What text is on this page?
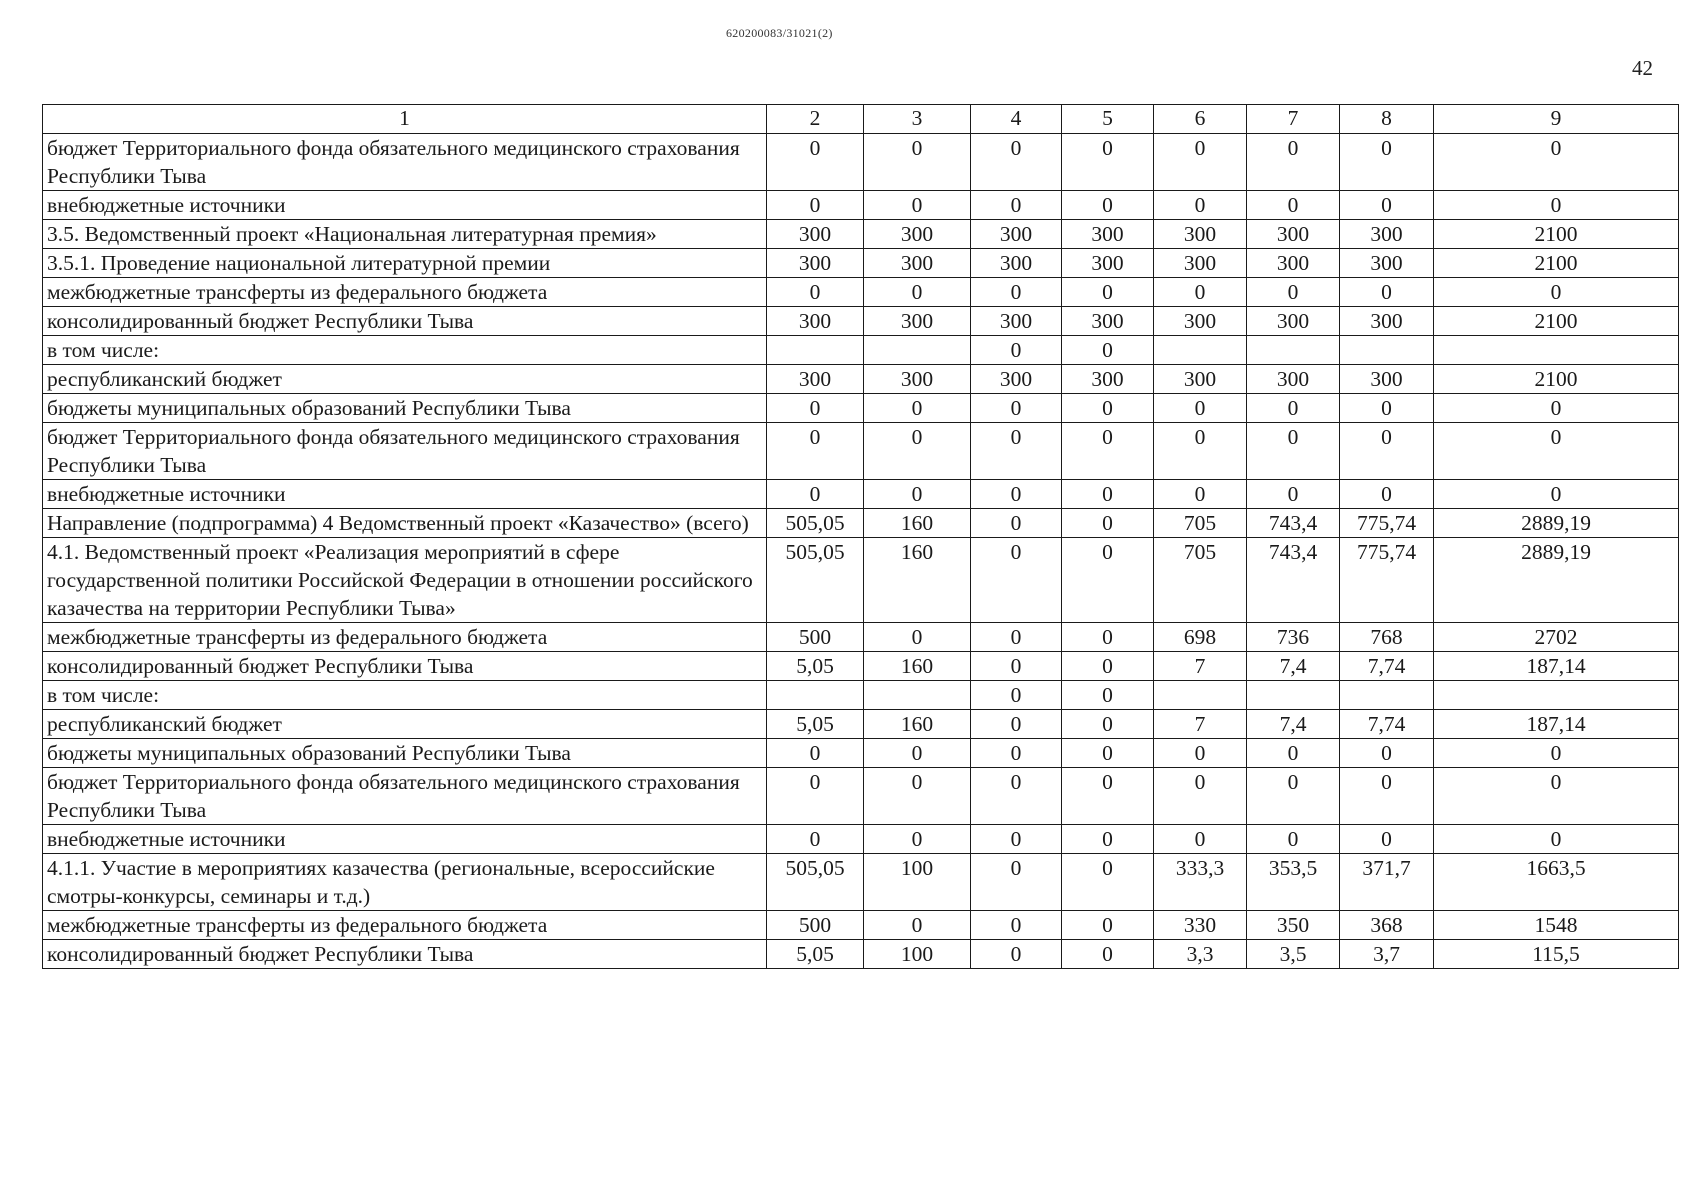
620200083/31021(2)
42
1	2	3	4	5	6	7	8	9
бюджет Территориального фонда обязательного медицинского страхования Республики Тыва	0	0	0	0	0	0	0	0
внебюджетные источники	0	0	0	0	0	0	0	0
3.5. Ведомственный проект «Национальная литературная премия»	300	300	300	300	300	300	300	2100
3.5.1. Проведение национальной литературной премии	300	300	300	300	300	300	300	2100
межбюджетные трансферты из федерального бюджета	0	0	0	0	0	0	0	0
консолидированный бюджет Республики Тыва	300	300	300	300	300	300	300	2100
в том числе:			0	0				
республиканский бюджет	300	300	300	300	300	300	300	2100
бюджеты муниципальных образований Республики Тыва	0	0	0	0	0	0	0	0
бюджет Территориального фонда обязательного медицинского страхования Республики Тыва	0	0	0	0	0	0	0	0
внебюджетные источники	0	0	0	0	0	0	0	0
Направление (подпрограмма) 4 Ведомственный проект «Казачество» (всего)	505,05	160	0	0	705	743,4	775,74	2889,19
4.1. Ведомственный проект «Реализация мероприятий в сфере государственной политики Российской Федерации в отношении российского казачества на территории Республики Тыва»	505,05	160	0	0	705	743,4	775,74	2889,19
межбюджетные трансферты из федерального бюджета	500	0	0	0	698	736	768	2702
консолидированный бюджет Республики Тыва	5,05	160	0	0	7	7,4	7,74	187,14
в том числе:			0	0				
республиканский бюджет	5,05	160	0	0	7	7,4	7,74	187,14
бюджеты муниципальных образований Республики Тыва	0	0	0	0	0	0	0	0
бюджет Территориального фонда обязательного медицинского страхования Республики Тыва	0	0	0	0	0	0	0	0
внебюджетные источники	0	0	0	0	0	0	0	0
4.1.1. Участие в мероприятиях казачества (региональные, всероссийские смотры-конкурсы, семинары и т.д.)	505,05	100	0	0	333,3	353,5	371,7	1663,5
межбюджетные трансферты из федерального бюджета	500	0	0	0	330	350	368	1548
консолидированный бюджет Республики Тыва	5,05	100	0	0	3,3	3,5	3,7	115,5
